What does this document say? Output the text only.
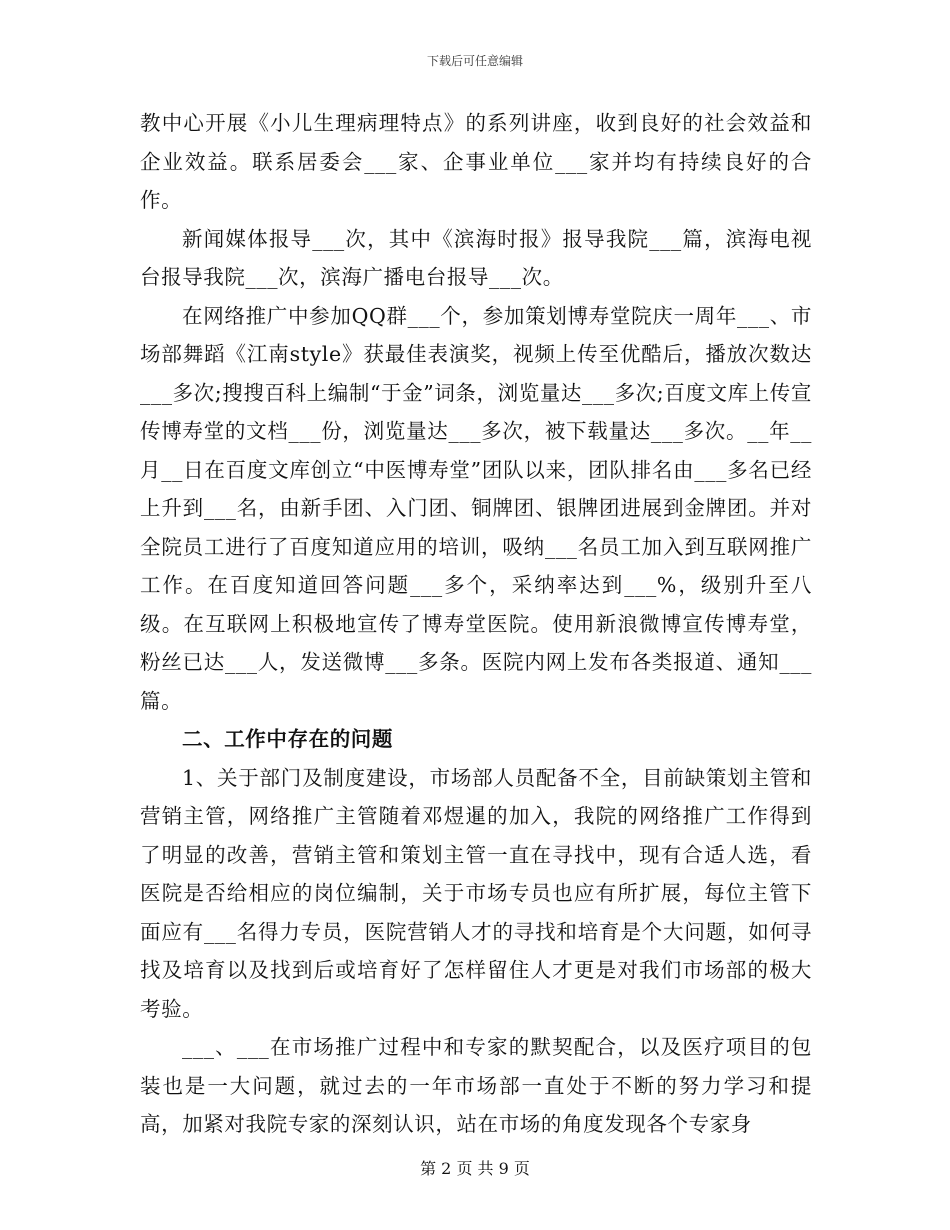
下载后可任意编辑

教中心开展《小儿生理病理特点》的系列讲座，收到良好的社会效益和企业效益。联系居委会___家、企事业单位___家并均有持续良好的合作。

新闻媒体报导___次，其中《滨海时报》报导我院___篇，滨海电视台报导我院___次，滨海广播电台报导___次。

在网络推广中参加QQ群___个，参加策划博寿堂院庆一周年___、市场部舞蹈《江南style》获最佳表演奖，视频上传至优酷后，播放次数达___多次;搜搜百科上编制“于金”词条，浏览量达___多次;百度文库上传宣传博寿堂的文档___份，浏览量达___多次，被下载量达___多次。__年__月__日在百度文库创立“中医博寿堂”团队以来，团队排名由___多名已经上升到___名，由新手团、入门团、铜牌团、银牌团进展到金牌团。并对全院员工进行了百度知道应用的培训，吸纳___名员工加入到互联网推广工作。在百度知道回答问题___多个，采纳率达到___%，级别升至八级。在互联网上积极地宣传了博寿堂医院。使用新浪微博宣传博寿堂，粉丝已达___人，发送微博___多条。医院内网上发布各类报道、通知___篇。

二、工作中存在的问题

1、关于部门及制度建设，市场部人员配备不全，目前缺策划主管和营销主管，网络推广主管随着邓煜暹的加入，我院的网络推广工作得到了明显的改善，营销主管和策划主管一直在寻找中，现有合适人选，看医院是否给相应的岗位编制，关于市场专员也应有所扩展，每位主管下面应有___名得力专员，医院营销人才的寻找和培育是个大问题，如何寻找及培育以及找到后或培育好了怎样留住人才更是对我们市场部的极大考验。

___、___在市场推广过程中和专家的默契配合，以及医疗项目的包装也是一大问题，就过去的一年市场部一直处于不断的努力学习和提高，加紧对我院专家的深刻认识，站在市场的角度发现各个专家身

第 2 页 共 9 页
